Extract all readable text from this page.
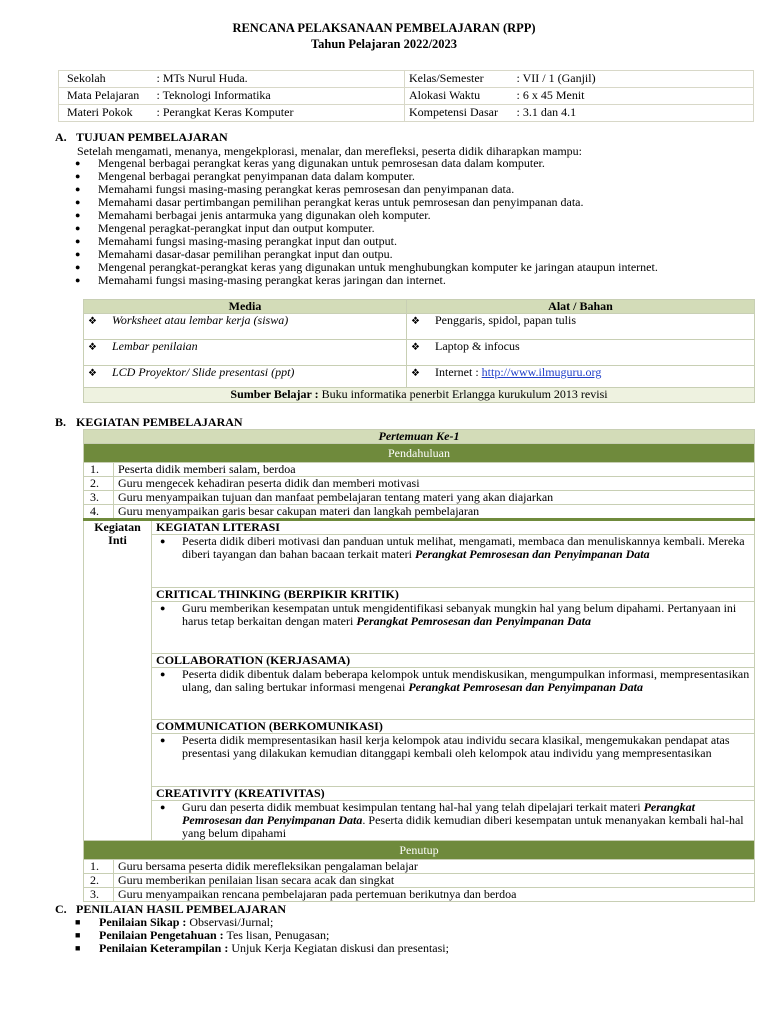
RENCANA PELAKSANAAN PEMBELAJARAN (RPP)
Tahun Pelajaran 2022/2023
Sekolah	: MTs Nurul Huda.	Kelas/Semester	: VII / 1 (Ganjil)
Mata Pelajaran	: Teknologi Informatika	Alokasi Waktu	: 6 x 45 Menit
Materi Pokok	: Perangkat Keras Komputer	Kompetensi Dasar	: 3.1 dan 4.1
A. TUJUAN PEMBELAJARAN
Setelah mengamati, menanya, mengekplorasi, menalar, dan merefleksi, peserta didik diharapkan mampu:
● Mengenal berbagai perangkat keras yang digunakan untuk pemrosesan data dalam komputer.
● Mengenal berbagai perangkat penyimpanan data dalam komputer.
● Memahami fungsi masing-masing perangkat keras pemrosesan dan penyimpanan data.
● Memahami dasar pertimbangan pemilihan perangkat keras untuk pemrosesan dan penyimpanan data.
● Memahami berbagai jenis antarmuka yang digunakan oleh komputer.
● Mengenal peragkat-perangkat input dan output komputer.
● Memahami fungsi masing-masing perangkat input dan output.
● Memahami dasar-dasar pemilihan perangkat input dan outpu.
● Mengenal perangkat-perangkat keras yang digunakan untuk menghubungkan komputer ke jaringan ataupun internet.
● Memahami fungsi masing-masing perangkat keras jaringan dan internet.
Media	Alat / Bahan
❖ Worksheet atau lembar kerja (siswa)	❖ Penggaris, spidol, papan tulis
❖ Lembar penilaian	❖ Laptop & infocus
❖ LCD Proyektor/ Slide presentasi (ppt)	❖ Internet : http://www.ilmuguru.org
Sumber Belajar : Buku informatika penerbit Erlangga kurukulum 2013 revisi	
B. KEGIATAN PEMBELAJARAN
Pertemuan Ke-1		
Pendahuluan		
1.	Peserta didik memberi salam, berdoa	
2.	Guru mengecek kehadiran peserta didik dan memberi motivasi	
3.	Guru menyampaikan tujuan dan manfaat pembelajaran tentang materi yang akan diajarkan	
4.	Guru menyampaikan garis besar cakupan materi dan langkah pembelajaran	
Kegiatan Inti		KEGIATAN LITERASI

		● Peserta didik diberi motivasi dan panduan untuk melihat, mengamati, membaca dan menuliskannya kembali. Mereka diberi tayangan dan bahan bacaan terkait materi Perangkat Pemrosesan dan Penyimpanan Data

		CRITICAL THINKING (BERPIKIR KRITIK)

		● Guru memberikan kesempatan untuk mengidentifikasi sebanyak mungkin hal yang belum dipahami. Pertanyaan ini harus tetap berkaitan dengan materi Perangkat Pemrosesan dan Penyimpanan Data

		COLLABORATION (KERJASAMA)

		● Peserta didik dibentuk dalam beberapa kelompok untuk mendiskusikan, mengumpulkan informasi, mempresentasikan ulang, dan saling bertukar informasi mengenai Perangkat Pemrosesan dan Penyimpanan Data

		COMMUNICATION (BERKOMUNIKASI)

		● Peserta didik mempresentasikan hasil kerja kelompok atau individu secara klasikal, mengemukakan pendapat atas presentasi yang dilakukan kemudian ditanggapi kembali oleh kelompok atau individu yang mempresentasikan

		CREATIVITY (KREATIVITAS)

		● Guru dan peserta didik membuat kesimpulan tentang hal-hal yang telah dipelajari terkait materi Perangkat Pemrosesan dan Penyimpanan Data. Peserta didik kemudian diberi kesempatan untuk menanyakan kembali hal-hal yang belum dipahami

Penutup		
1.	Guru bersama peserta didik merefleksikan pengalaman belajar	
2.	Guru memberikan penilaian lisan secara acak dan singkat	
3.	Guru menyampaikan rencana pembelajaran pada pertemuan berikutnya dan berdoa	
C. PENILAIAN HASIL PEMBELAJARAN
■ Penilaian Sikap : Observasi/Jurnal;
■ Penilaian Pengetahuan : Tes lisan, Penugasan;
■ Penilaian Keterampilan : Unjuk Kerja Kegiatan diskusi dan presentasi;
